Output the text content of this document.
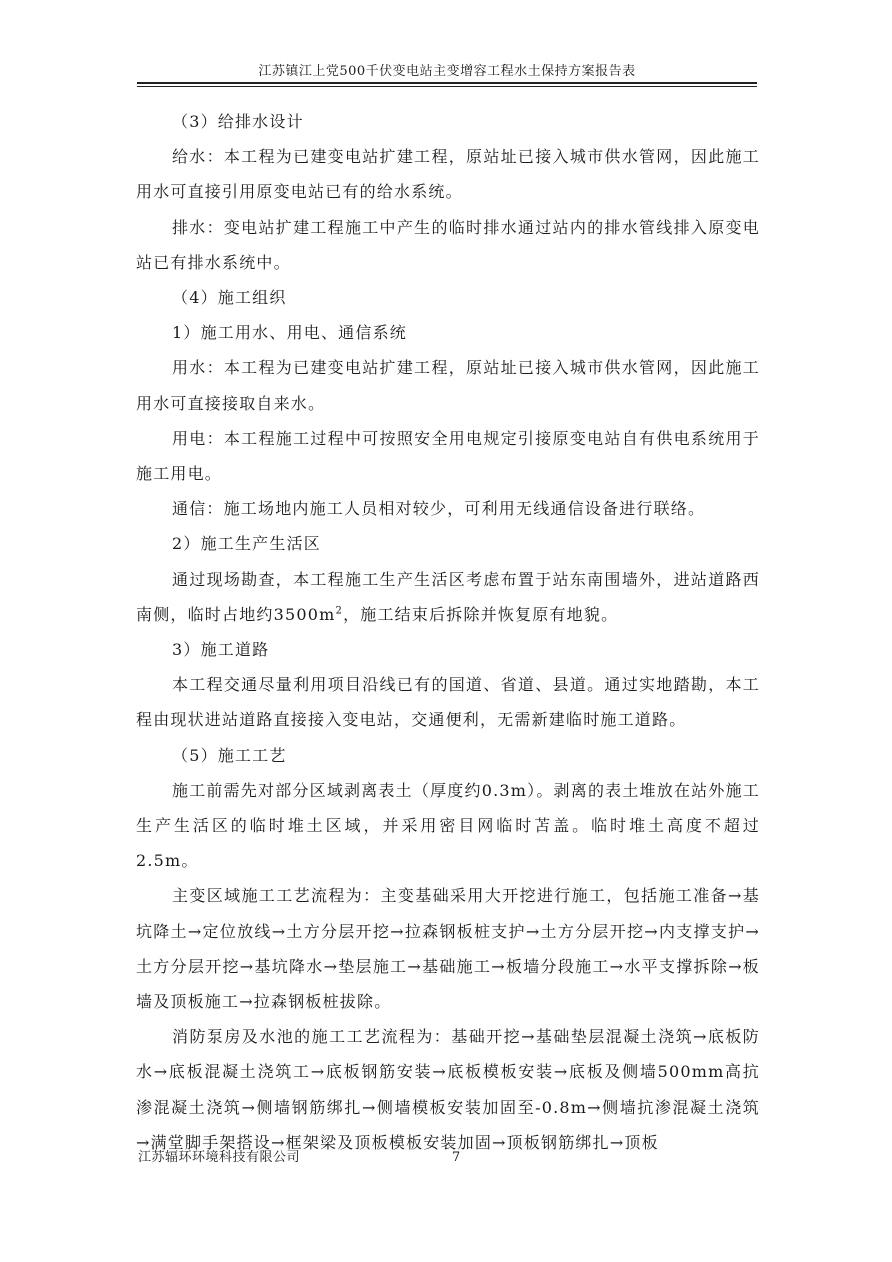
江苏镇江上党500千伏变电站主变增容工程水土保持方案报告表

（3）给排水设计

给水：本工程为已建变电站扩建工程，原站址已接入城市供水管网，因此施工用水可直接引用原变电站已有的给水系统。

排水：变电站扩建工程施工中产生的临时排水通过站内的排水管线排入原变电站已有排水系统中。

（4）施工组织

1）施工用水、用电、通信系统

用水：本工程为已建变电站扩建工程，原站址已接入城市供水管网，因此施工用水可直接接取自来水。

用电：本工程施工过程中可按照安全用电规定引接原变电站自有供电系统用于施工用电。

通信：施工场地内施工人员相对较少，可利用无线通信设备进行联络。

2）施工生产生活区

通过现场勘查，本工程施工生产生活区考虑布置于站东南围墙外，进站道路西南侧，临时占地约$3500m^2$，施工结束后拆除并恢复原有地貌。

3）施工道路

本工程交通尽量利用项目沿线已有的国道、省道、县道。通过实地踏勘，本工程由现状进站道路直接接入变电站，交通便利，无需新建临时施工道路。

（5）施工工艺

施工前需先对部分区域剥离表土（厚度约0.3m）。剥离的表土堆放在站外施工生产生活区的临时堆土区域，并采用密目网临时苫盖。临时堆土高度不超过2.5m。

主变区域施工工艺流程为：主变基础采用大开挖进行施工，包括施工准备→基坑降土→定位放线→土方分层开挖→拉森钢板桩支护→土方分层开挖→内支撑支护→土方分层开挖→基坑降水→垫层施工→基础施工→板墙分段施工→水平支撑拆除→板墙及顶板施工→拉森钢板桩拔除。

消防泵房及水池的施工工艺流程为：基础开挖→基础垫层混凝土浇筑→底板防水→底板混凝土浇筑工→底板钢筋安装→底板模板安装→底板及侧墙500mm高抗渗混凝土浇筑→侧墙钢筋绑扎→侧墙模板安装加固至-0.8m→侧墙抗渗混凝土浇筑→满堂脚手架搭设→框架梁及顶板模板安装加固→顶板钢筋绑扎→顶板

江苏辐环环境科技有限公司	7
